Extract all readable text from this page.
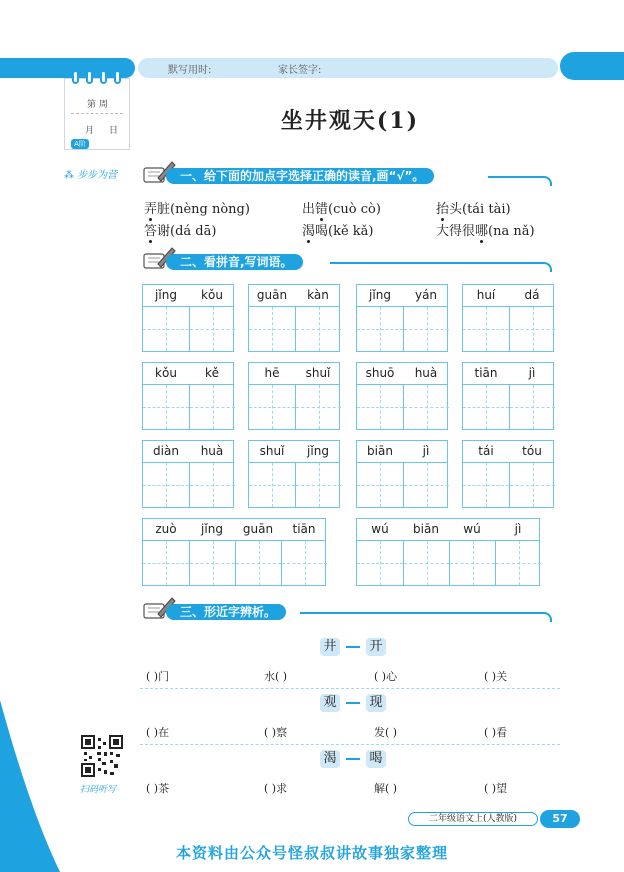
默写用时:	家长签字:
第 周
月 日
A阶
⁂ 步步为营
坐井观天(1)
一、给下面的加点字选择正确的读音,画“√”。
弄脏(nèng nòng)	出错(cuò cò)	抬头(tái tài)
答谢(dá dā)	渴喝(kě kǎ)	大得很哪(na nǎ)
二、看拼音,写词语。
jǐng	kǒu	guān	kàn	jǐng	yán	huí	dá
kǒu	kě	hē	shuǐ	shuō	huà	tiān	jì
diàn	huà	shuǐ	jǐng	biān	jì	tái	tóu
zuò	jǐng	guān	tiān	wú	biān	wú	jì
三、形近字辨析。
井	开
( )门	水( )	( )心	( )关
观	现
( )在	( )察	发( )	( )看
渴	喝
( )茶	( )求	解( )	( )望
扫码听写
二年级语文上(人教版)	57
本资料由公众号怪叔叔讲故事独家整理
